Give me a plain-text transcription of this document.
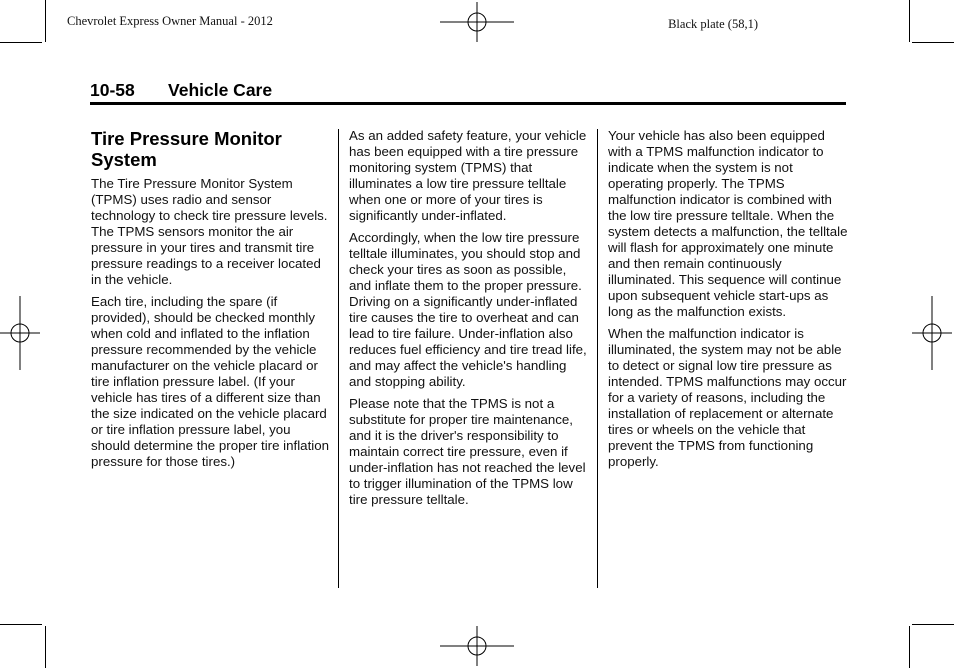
Chevrolet Express Owner Manual - 2012	Black plate (58,1)
10-58 Vehicle Care
Tire Pressure Monitor System

The Tire Pressure Monitor System (TPMS) uses radio and sensor technology to check tire pressure levels. The TPMS sensors monitor the air pressure in your tires and transmit tire pressure readings to a receiver located in the vehicle.

Each tire, including the spare (if provided), should be checked monthly when cold and inflated to the inflation pressure recommended by the vehicle manufacturer on the vehicle placard or tire inflation pressure label. (If your vehicle has tires of a different size than the size indicated on the vehicle placard or tire inflation pressure label, you should determine the proper tire inflation pressure for those tires.)

As an added safety feature, your vehicle has been equipped with a tire pressure monitoring system (TPMS) that illuminates a low tire pressure telltale when one or more of your tires is significantly under-inflated.

Accordingly, when the low tire pressure telltale illuminates, you should stop and check your tires as soon as possible, and inflate them to the proper pressure. Driving on a significantly under-inflated tire causes the tire to overheat and can lead to tire failure. Under-inflation also reduces fuel efficiency and tire tread life, and may affect the vehicle's handling and stopping ability.

Please note that the TPMS is not a substitute for proper tire maintenance, and it is the driver's responsibility to maintain correct tire pressure, even if under-inflation has not reached the level to trigger illumination of the TPMS low tire pressure telltale.

Your vehicle has also been equipped with a TPMS malfunction indicator to indicate when the system is not operating properly. The TPMS malfunction indicator is combined with the low tire pressure telltale. When the system detects a malfunction, the telltale will flash for approximately one minute and then remain continuously illuminated. This sequence will continue upon subsequent vehicle start-ups as long as the malfunction exists.

When the malfunction indicator is illuminated, the system may not be able to detect or signal low tire pressure as intended. TPMS malfunctions may occur for a variety of reasons, including the installation of replacement or alternate tires or wheels on the vehicle that prevent the TPMS from functioning properly.
